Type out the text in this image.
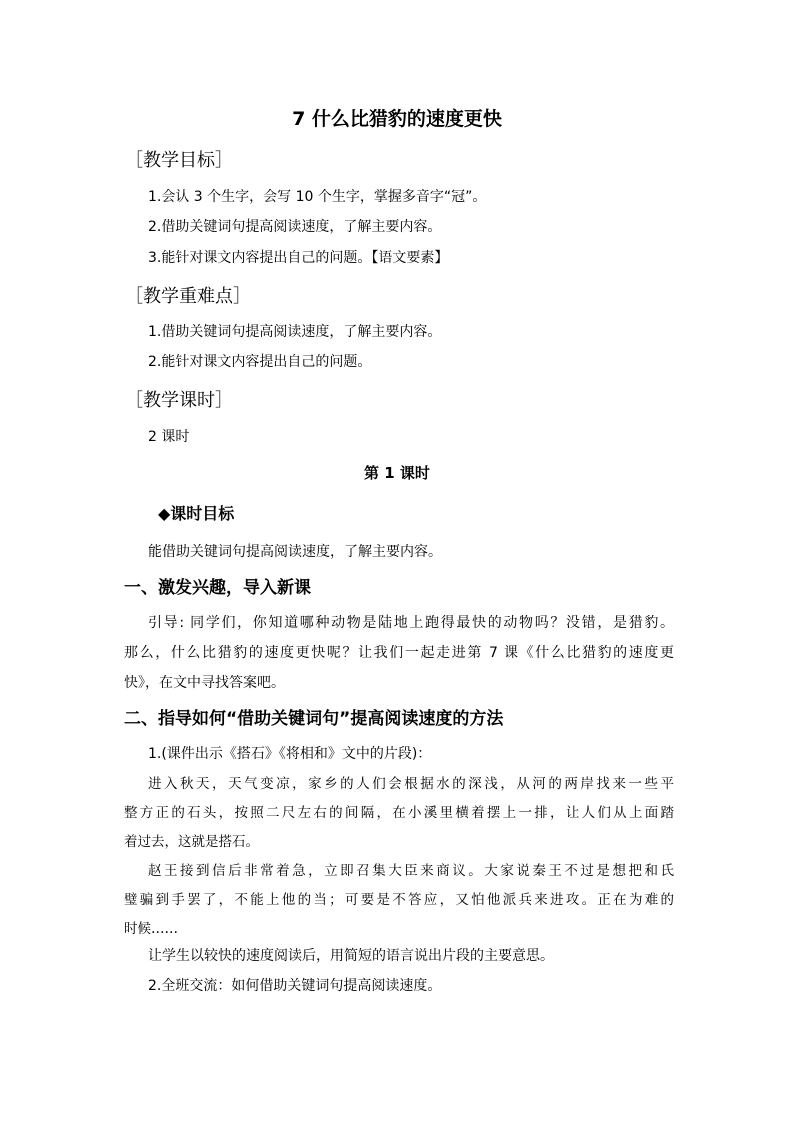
7 什么比猎豹的速度更快
［教学目标］
1.会认 3 个生字，会写 10 个生字，掌握多音字“冠”。
2.借助关键词句提高阅读速度，了解主要内容。
3.能针对课文内容提出自己的问题。【语文要素】
［教学重难点］
1.借助关键词句提高阅读速度，了解主要内容。
2.能针对课文内容提出自己的问题。
［教学课时］
2 课时
第 1 课时
◆课时目标
能借助关键词句提高阅读速度，了解主要内容。
一、激发兴趣，导入新课
引导: 同学们，你知道哪种动物是陆地上跑得最快的动物吗？没错，是猎豹。
那么，什么比猎豹的速度更快呢？让我们一起走进第 7 课《什么比猎豹的速度更
快》，在文中寻找答案吧。
二、指导如何“借助关键词句”提高阅读速度的方法
1.(课件出示《搭石》《将相和》文中的片段)：
进入秋天，天气变凉，家乡的人们会根据水的深浅，从河的两岸找来一些平
整方正的石头，按照二尺左右的间隔，在小溪里横着摆上一排，让人们从上面踏
着过去，这就是搭石。
赵王接到信后非常着急，立即召集大臣来商议。大家说秦王不过是想把和氏
璧骗到手罢了，不能上他的当；可要是不答应，又怕他派兵来进攻。正在为难的
时候……
让学生以较快的速度阅读后，用简短的语言说出片段的主要意思。
2.全班交流：如何借助关键词句提高阅读速度。
